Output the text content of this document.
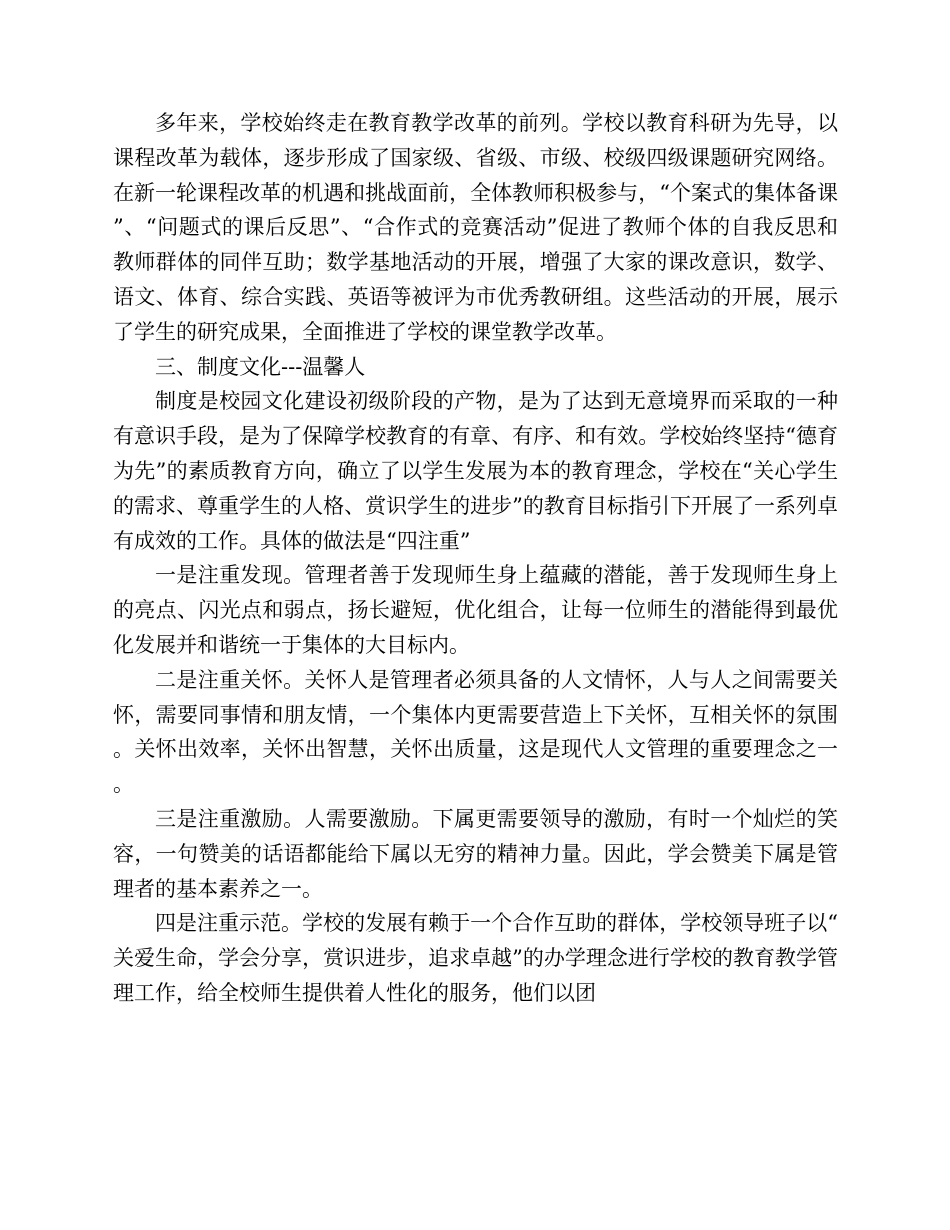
多年来，学校始终走在教育教学改革的前列。学校以教育科研为先导，以课程改革为载体，逐步形成了国家级、省级、市级、校级四级课题研究网络。在新一轮课程改革的机遇和挑战面前，全体教师积极参与，“个案式的集体备课”、“问题式的课后反思”、“合作式的竞赛活动”促进了教师个体的自我反思和教师群体的同伴互助；数学基地活动的开展，增强了大家的课改意识，数学、语文、体育、综合实践、英语等被评为市优秀教研组。这些活动的开展，展示了学生的研究成果，全面推进了学校的课堂教学改革。

三、制度文化---温馨人

制度是校园文化建设初级阶段的产物，是为了达到无意境界而采取的一种有意识手段，是为了保障学校教育的有章、有序、和有效。学校始终坚持“德育为先”的素质教育方向，确立了以学生发展为本的教育理念，学校在“关心学生的需求、尊重学生的人格、赏识学生的进步”的教育目标指引下开展了一系列卓有成效的工作。具体的做法是“四注重”

一是注重发现。管理者善于发现师生身上蕴藏的潜能，善于发现师生身上的亮点、闪光点和弱点，扬长避短，优化组合，让每一位师生的潜能得到最优化发展并和谐统一于集体的大目标内。

二是注重关怀。关怀人是管理者必须具备的人文情怀，人与人之间需要关怀，需要同事情和朋友情，一个集体内更需要营造上下关怀，互相关怀的氛围。关怀出效率，关怀出智慧，关怀出质量，这是现代人文管理的重要理念之一。

三是注重激励。人需要激励。下属更需要领导的激励，有时一个灿烂的笑容，一句赞美的话语都能给下属以无穷的精神力量。因此，学会赞美下属是管理者的基本素养之一。

四是注重示范。学校的发展有赖于一个合作互助的群体，学校领导班子以“关爱生命，学会分享，赏识进步，追求卓越”的办学理念进行学校的教育教学管理工作，给全校师生提供着人性化的服务，他们以团
